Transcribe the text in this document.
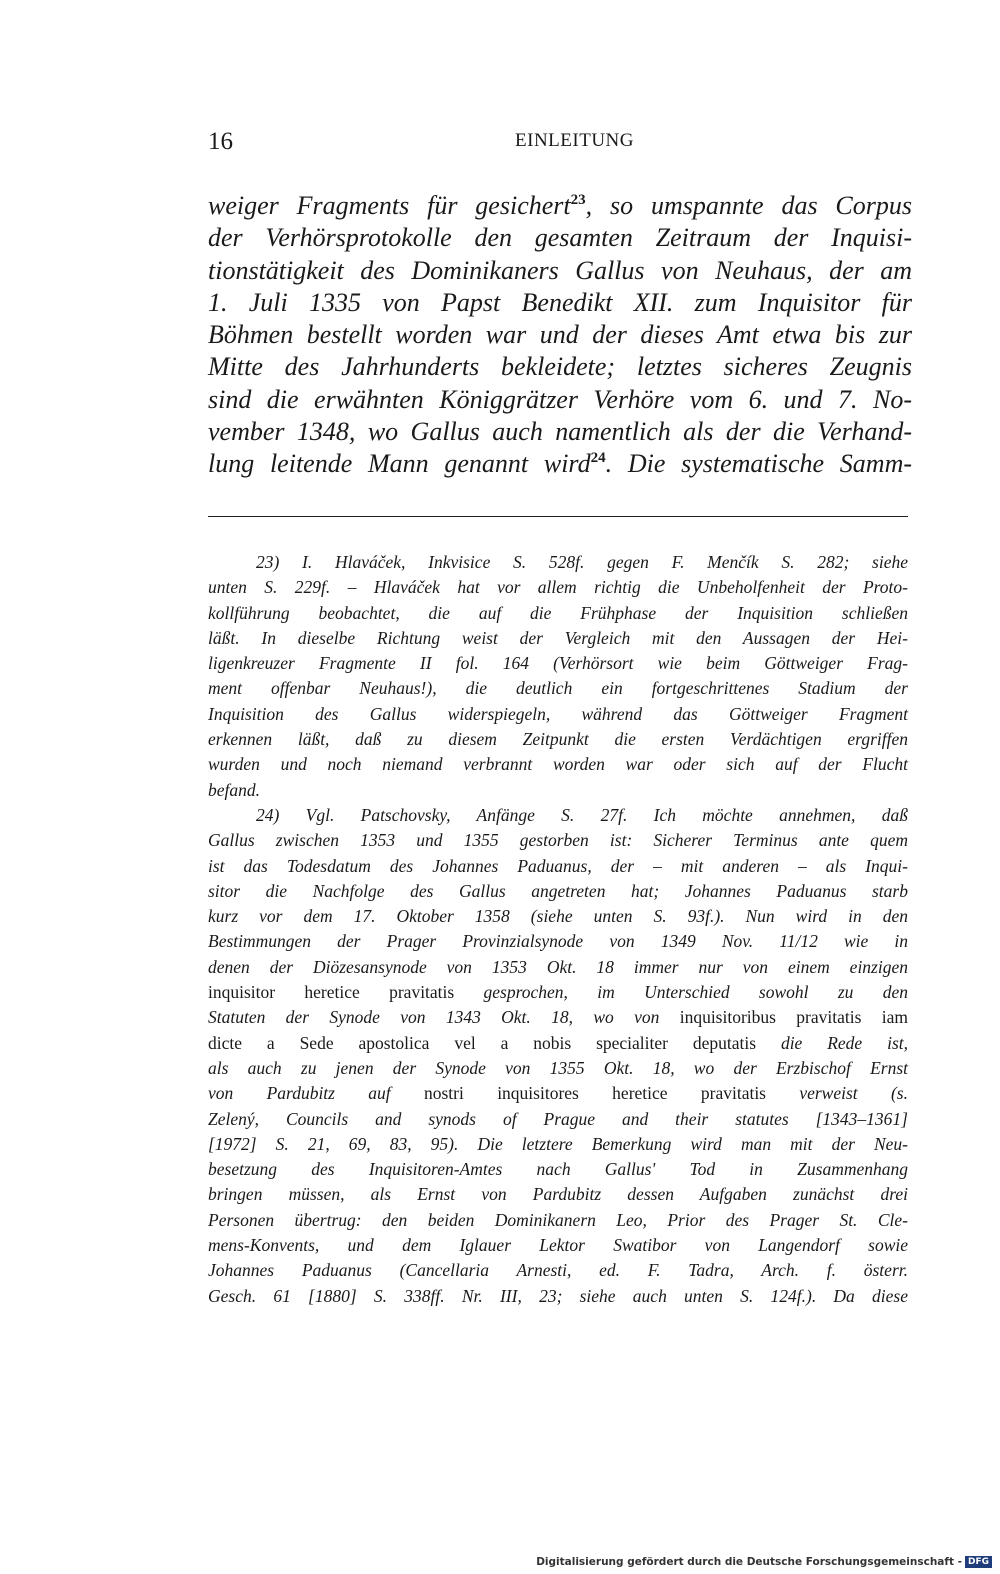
16	EINLEITUNG
weiger Fragments für gesichert$^{23}$, so umspannte das Corpus
der Verhörsprotokolle den gesamten Zeitraum der Inquisi-
tionstätigkeit des Dominikaners Gallus von Neuhaus, der am
1. Juli 1335 von Papst Benedikt XII. zum Inquisitor für
Böhmen bestellt worden war und der dieses Amt etwa bis zur
Mitte des Jahrhunderts bekleidete; letztes sicheres Zeugnis
sind die erwähnten Königgrätzer Verhöre vom 6. und 7. No-
vember 1348, wo Gallus auch namentlich als der die Verhand-
lung leitende Mann genannt wird$^{24}$. Die systematische Samm-
23) I. Hlaváček, Inkvisice S. 528f. gegen F. Menčík S. 282; siehe
unten S. 229f. – Hlaváček hat vor allem richtig die Unbeholfenheit der Proto-
kollführung beobachtet, die auf die Frühphase der Inquisition schließen
läßt. In dieselbe Richtung weist der Vergleich mit den Aussagen der Hei-
ligenkreuzer Fragmente II fol. 164 (Verhörsort wie beim Göttweiger Frag-
ment offenbar Neuhaus!), die deutlich ein fortgeschrittenes Stadium der
Inquisition des Gallus widerspiegeln, während das Göttweiger Fragment
erkennen läßt, daß zu diesem Zeitpunkt die ersten Verdächtigen ergriffen
wurden und noch niemand verbrannt worden war oder sich auf der Flucht
befand.
24) Vgl. Patschovsky, Anfänge S. 27f. Ich möchte annehmen, daß
Gallus zwischen 1353 und 1355 gestorben ist: Sicherer Terminus ante quem
ist das Todesdatum des Johannes Paduanus, der – mit anderen – als Inqui-
sitor die Nachfolge des Gallus angetreten hat; Johannes Paduanus starb
kurz vor dem 17. Oktober 1358 (siehe unten S. 93f.). Nun wird in den
Bestimmungen der Prager Provinzialsynode von 1349 Nov. 11/12 wie in
denen der Diözesansynode von 1353 Okt. 18 immer nur von einem einzigen
inquisitor heretice pravitatis gesprochen, im Unterschied sowohl zu den
Statuten der Synode von 1343 Okt. 18, wo von inquisitoribus pravitatis iam
dicte a Sede apostolica vel a nobis specialiter deputatis die Rede ist,
als auch zu jenen der Synode von 1355 Okt. 18, wo der Erzbischof Ernst
von Pardubitz auf nostri inquisitores heretice pravitatis verweist (s.
Zelený, Councils and synods of Prague and their statutes [1343–1361]
[1972] S. 21, 69, 83, 95). Die letztere Bemerkung wird man mit der Neu-
besetzung des Inquisitoren-Amtes nach Gallus' Tod in Zusammenhang
bringen müssen, als Ernst von Pardubitz dessen Aufgaben zunächst drei
Personen übertrug: den beiden Dominikanern Leo, Prior des Prager St. Cle-
mens-Konvents, und dem Iglauer Lektor Swatibor von Langendorf sowie
Johannes Paduanus (Cancellaria Arnesti, ed. F. Tadra, Arch. f. österr.
Gesch. 61 [1880] S. 338ff. Nr. III, 23; siehe auch unten S. 124f.). Da diese
Digitalisierung gefördert durch die Deutsche Forschungsgemeinschaft - DFG
